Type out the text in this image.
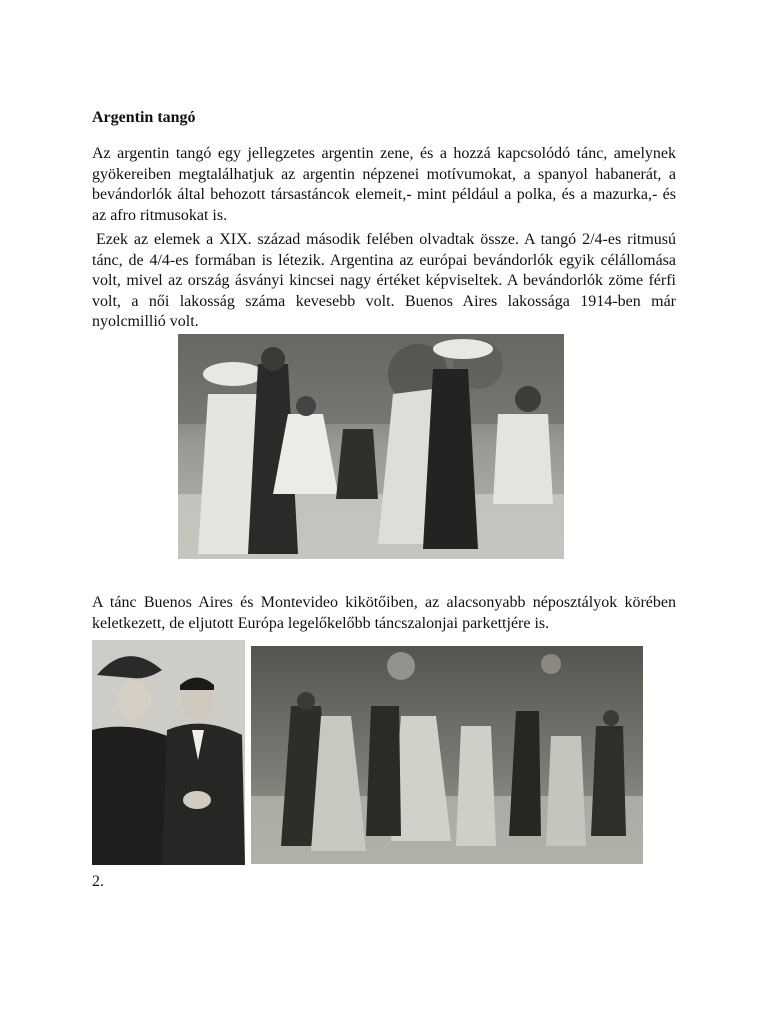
Argentin tangó

Az argentin tangó egy jellegzetes argentin zene, és a hozzá kapcsolódó tánc, amelynek gyökereiben megtalálhatjuk az argentin népzenei motívumokat, a spanyol habanerát, a bevándorlók által behozott társastáncok elemeit,- mint például a polka, és a mazurka,- és az afro ritmusokat is.

Ezek az elemek a XIX. század második felében olvadtak össze. A tangó 2/4-es ritmusú tánc, de 4/4-es formában is létezik. Argentina az európai bevándorlók egyik célállomása volt, mivel az ország ásványi kincsei nagy értéket képviseltek. A bevándorlók zöme férfi volt, a női lakosság száma kevesebb volt. Buenos Aires lakossága 1914-ben már nyolcmillió volt.

A tánc Buenos Aires és Montevideo kikötőiben, az alacsonyabb néposztályok körében keletkezett, de eljutott Európa legelőkelőbb táncszalonjai parkettjére is.

2.
